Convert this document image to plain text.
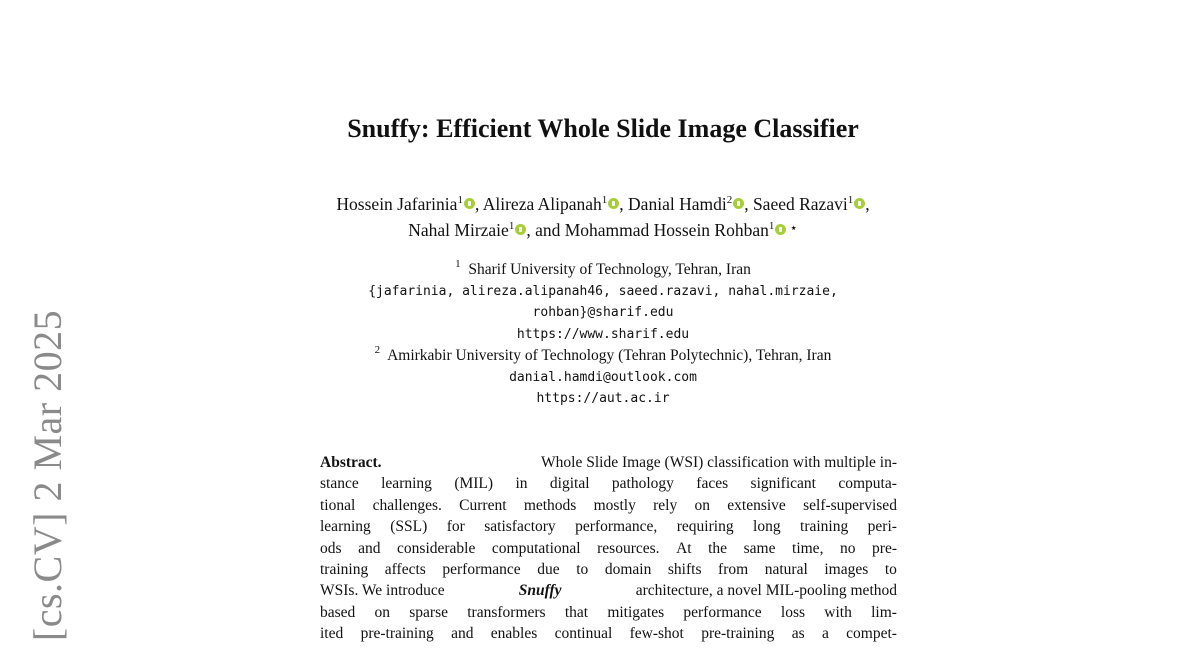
[cs.CV] 2 Mar 2025
Snuffy: Efficient Whole Slide Image Classifier
Hossein Jafarinia$^1$ , Alireza Alipanah$^1$ , Danial Hamdi$^2$ , Saeed Razavi$^1$ ,
Nahal Mirzaie$^1$ , and Mohammad Hossein Rohban$^1$ ⋆
$^1$ Sharif University of Technology, Tehran, Iran
{jafarinia, alireza.alipanah46, saeed.razavi, nahal.mirzaie,
rohban}@sharif.edu
https://www.sharif.edu
$^2$ Amirkabir University of Technology (Tehran Polytechnic), Tehran, Iran
danial.hamdi@outlook.com
https://aut.ac.ir
Abstract.	Whole Slide Image (WSI) classification with multiple in-
stance learning (MIL) in digital pathology faces significant computa-
tional challenges. Current methods mostly rely on extensive self-supervised
learning (SSL) for satisfactory performance, requiring long training peri-
ods and considerable computational resources. At the same time, no pre-
training affects performance due to domain shifts from natural images to
WSIs. We introduce	Snuffy	architecture, a novel MIL-pooling method
based on sparse transformers that mitigates performance loss with lim-
ited pre-training and enables continual few-shot pre-training as a compet-
